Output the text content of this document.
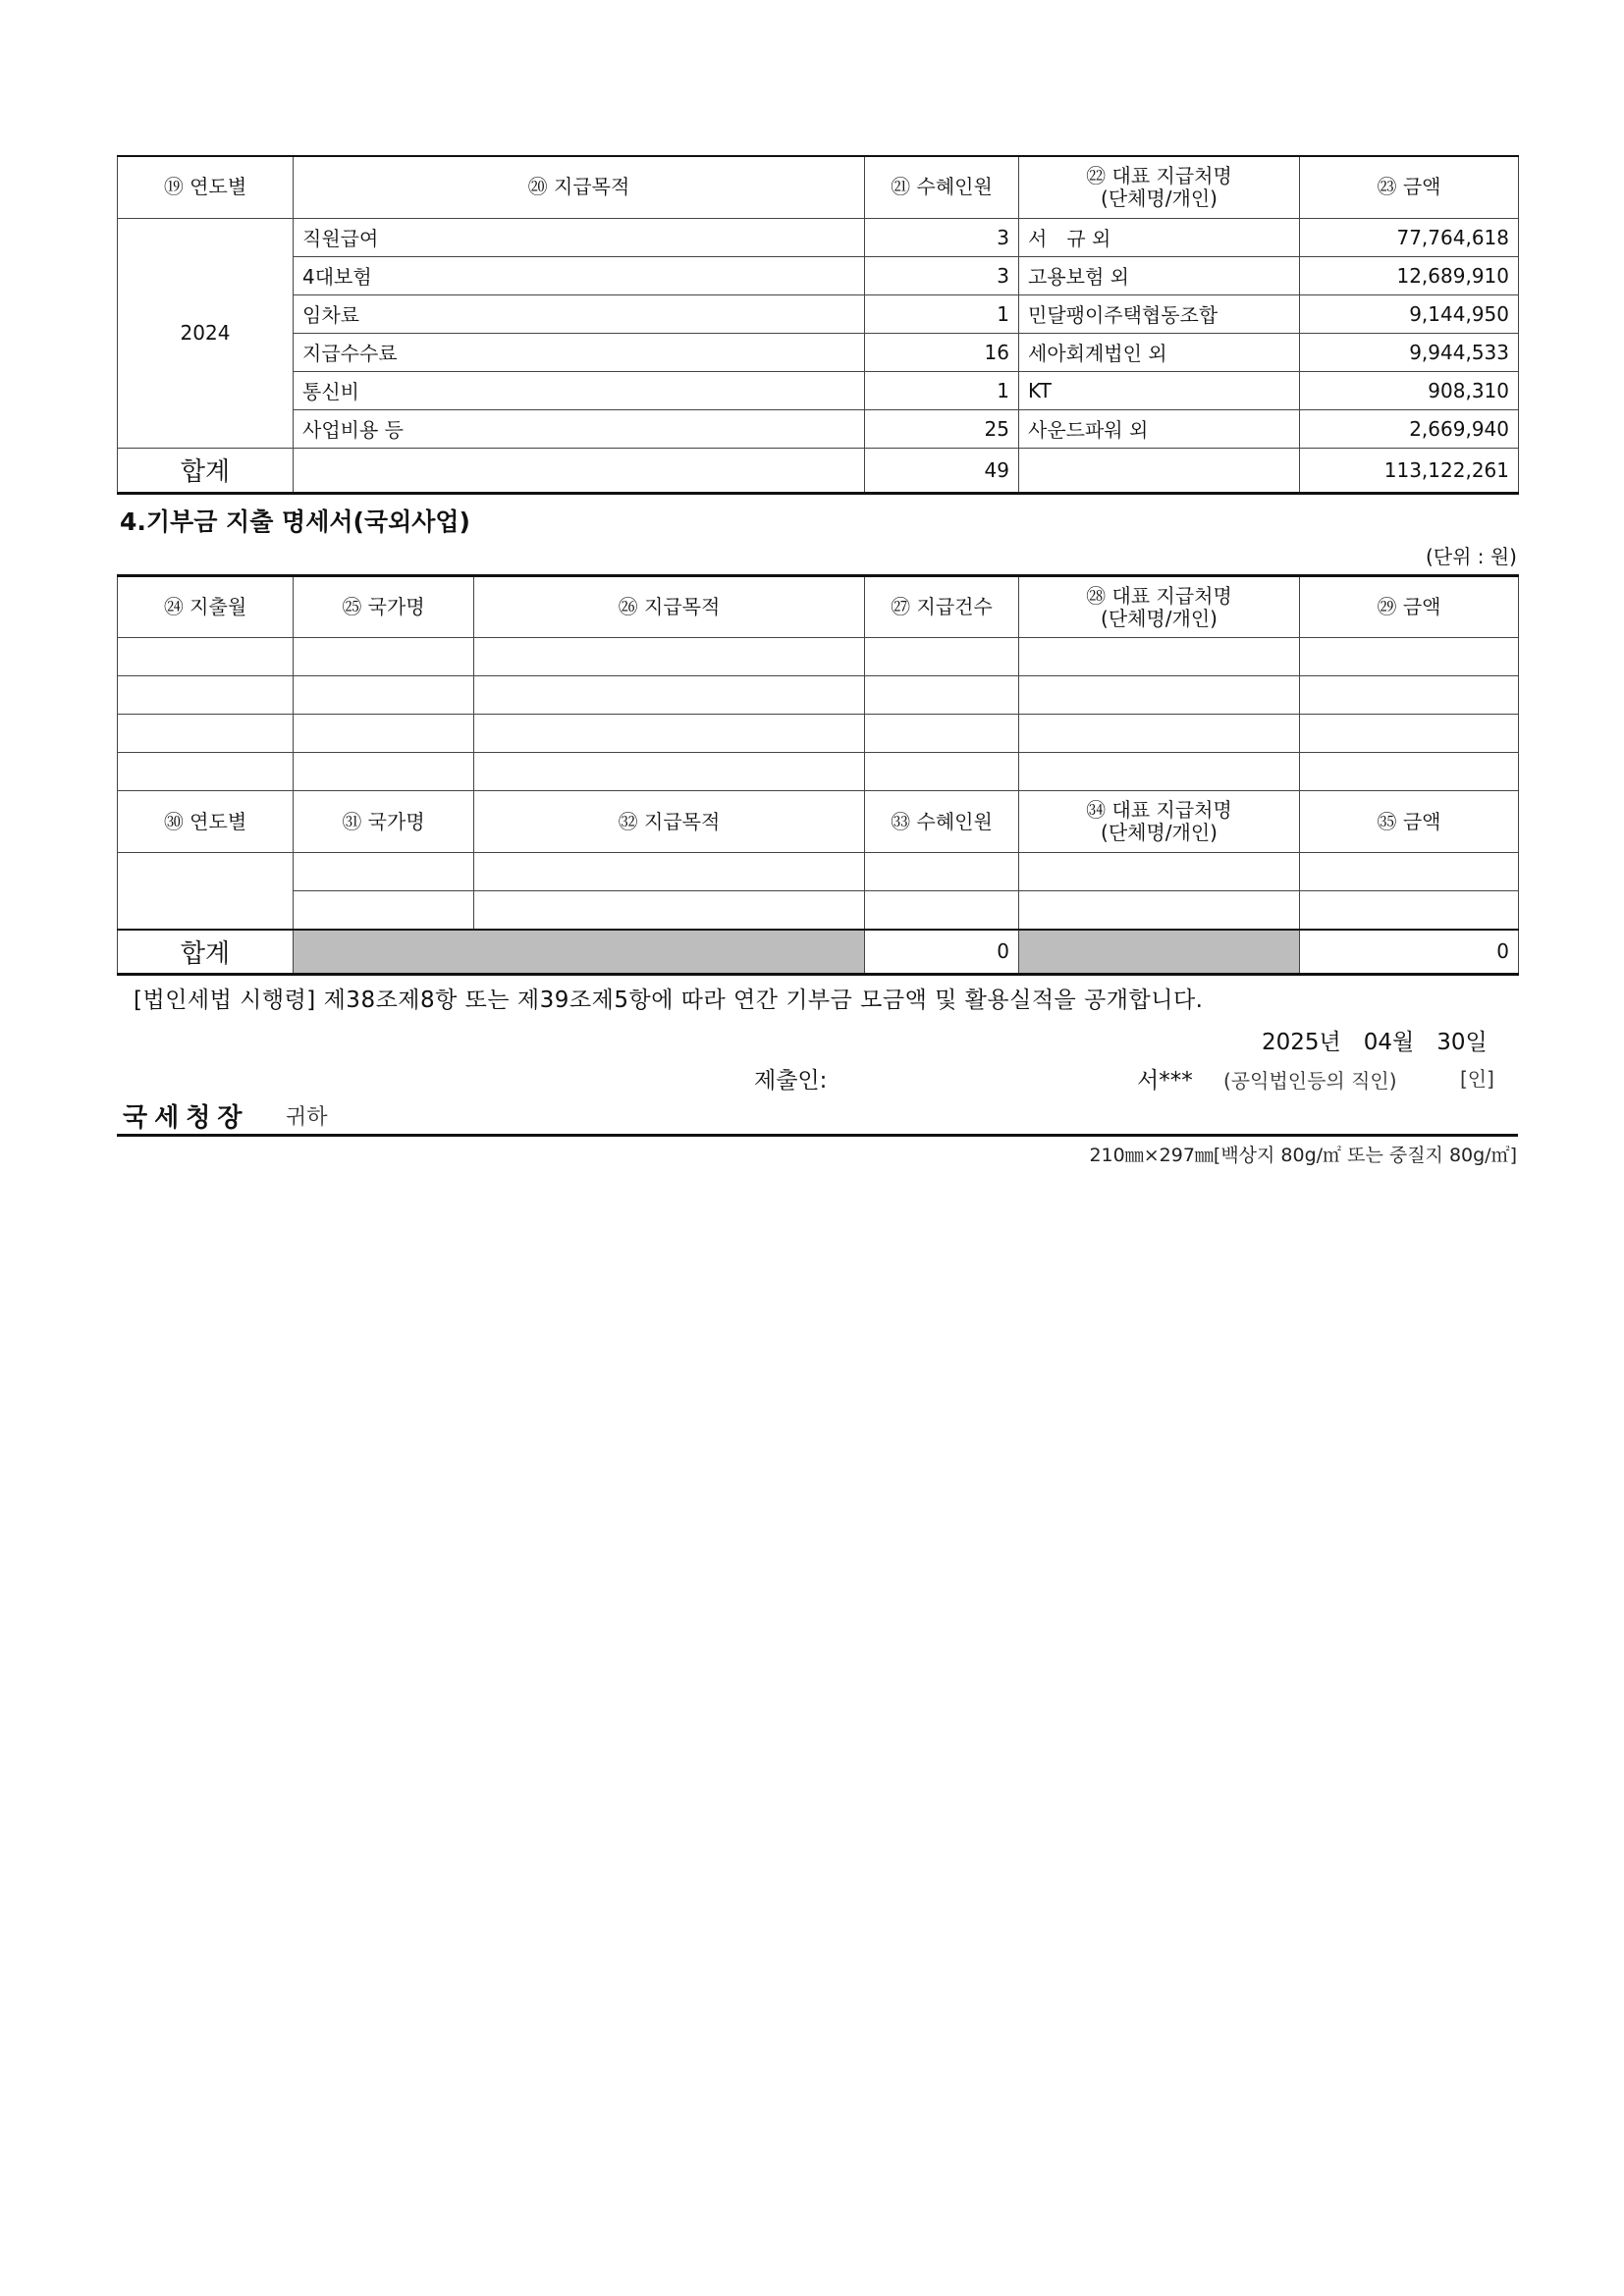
⑲ 연도별	⑳ 지급목적	㉑ 수혜인원	㉒ 대표 지급처명
(단체명/개인)	㉓ 금액
2024	직원급여	3	서　규 외	77,764,618
	4대보험	3	고용보험 외	12,689,910
	임차료	1	민달팽이주택협동조합	9,144,950
	지급수수료	16	세아회계법인 외	9,944,533
	통신비	1	KT	908,310
	사업비용 등	25	사운드파워 외	2,669,940
합계		49		113,122,261
4.기부금 지출 명세서(국외사업)
(단위 : 원)
㉔ 지출월	㉕ 국가명	㉖ 지급목적	㉗ 지급건수	㉘ 대표 지급처명
(단체명/개인)	㉙ 금액

㉚ 연도별	㉛ 국가명	㉜ 지급목적	㉝ 수혜인원	㉞ 대표 지급처명
(단체명/개인)	㉟ 금액

합계			0		0
[법인세법 시행령] 제38조제8항 또는 제39조제5항에 따라 연간 기부금 모금액 및 활용실적을 공개합니다.
2025년　04월　30일
제출인:	서*** (공익법인등의 직인)	[인]
국세청장 귀하
210㎜×297㎜[백상지 80g/㎡ 또는 중질지 80g/㎡]
